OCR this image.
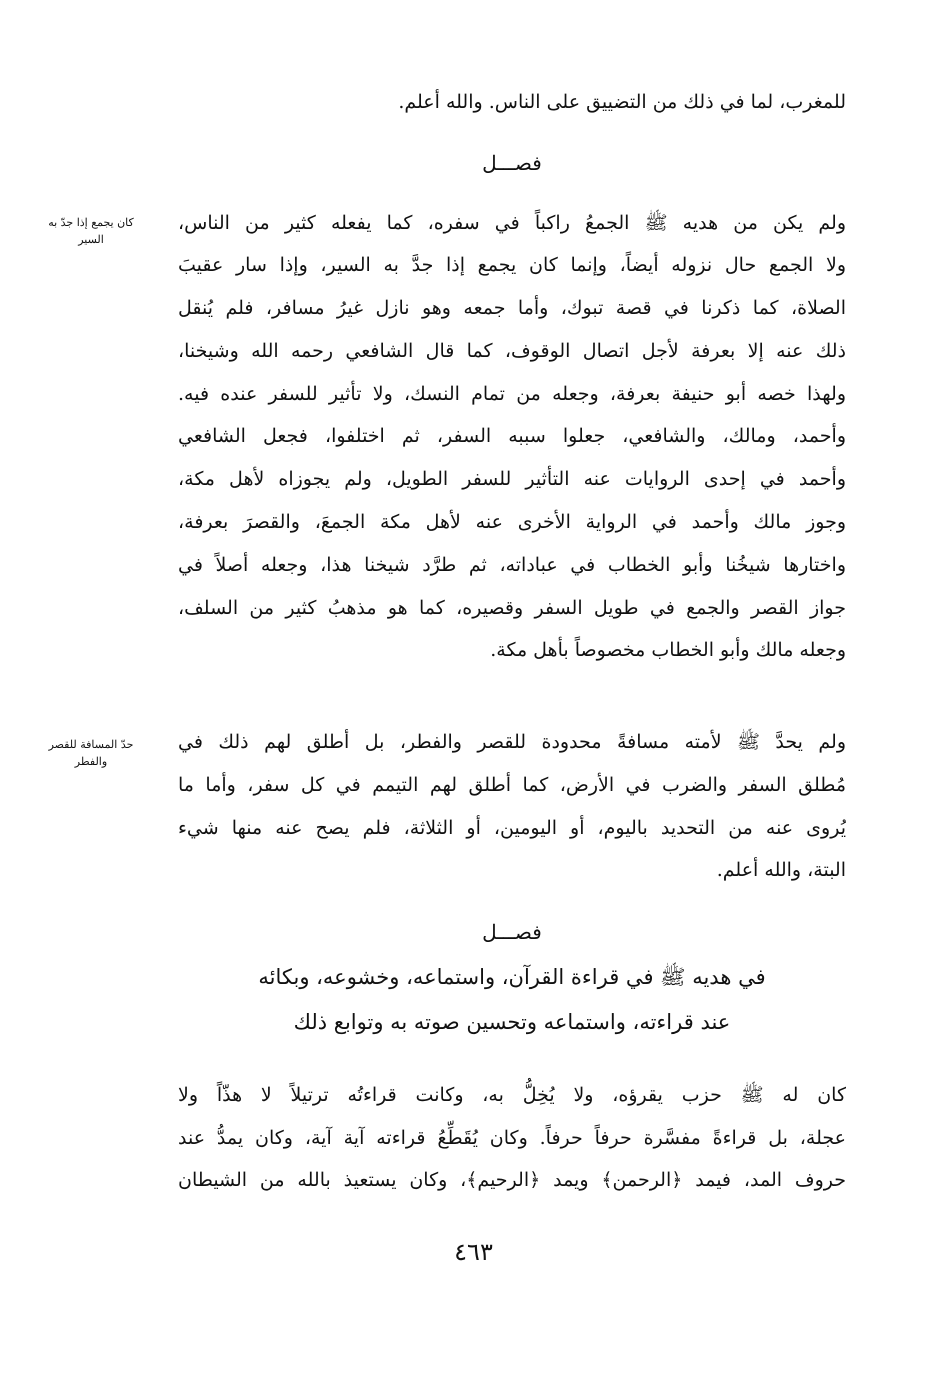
للمغرب، لما في ذلك من التضييق على الناس. والله أعلم.
فصـــل
كان يجمع إذا جدّ به السير
ولم يكن من هديه ﷺ الجمعُ راكباً في سفره، كما يفعله كثير من الناس،
ولا الجمع حال نزوله أيضاً، وإنما كان يجمع إذا جدَّ به السير، وإذا سار عقيبَ
الصلاة، كما ذكرنا في قصة تبوك، وأما جمعه وهو نازل غيرُ مسافر، فلم يُنقل
ذلك عنه إلا بعرفة لأجل اتصال الوقوف، كما قال الشافعي رحمه الله وشيخنا،
ولهذا خصه أبو حنيفة بعرفة، وجعله من تمام النسك، ولا تأثير للسفر عنده فيه.
وأحمد، ومالك، والشافعي، جعلوا سببه السفر، ثم اختلفوا، فجعل الشافعي
وأحمد في إحدى الروايات عنه التأثير للسفر الطويل، ولم يجوزاه لأهل مكة،
وجوز مالك وأحمد في الرواية الأخرى عنه لأهل مكة الجمعَ، والقصرَ بعرفة،
واختارها شيخُنا وأبو الخطاب في عباداته، ثم طرَّد شيخنا هذا، وجعله أصلاً في
جواز القصر والجمع في طويل السفر وقصيره، كما هو مذهبُ كثير من السلف،
وجعله مالك وأبو الخطاب مخصوصاً بأهل مكة.
حدّ المسافة للقصر والفطر
ولم يحدَّ ﷺ لأمته مسافةً محدودة للقصر والفطر، بل أطلق لهم ذلك في
مُطلق السفر والضرب في الأرض، كما أطلق لهم التيمم في كل سفر، وأما ما
يُروى عنه من التحديد باليوم، أو اليومين، أو الثلاثة، فلم يصح عنه منها شيء
البتة، والله أعلم.
فصـــل
في هديه ﷺ في قراءة القرآن، واستماعه، وخشوعه، وبكائه
عند قراءته، واستماعه وتحسين صوته به وتوابع ذلك
كان له ﷺ حزب يقرؤه، ولا يُخِلُّ به، وكانت قراءتُه ترتيلاً لا هذّاً ولا
عجلة، بل قراءةً مفسَّرة حرفاً حرفاً. وكان يُقَطِّعُ قراءته آية آية، وكان يمدُّ عند
حروف المد، فيمد ﴿الرحمن﴾ ويمد ﴿الرحيم﴾، وكان يستعيذ بالله من الشيطان
٤٦٣
